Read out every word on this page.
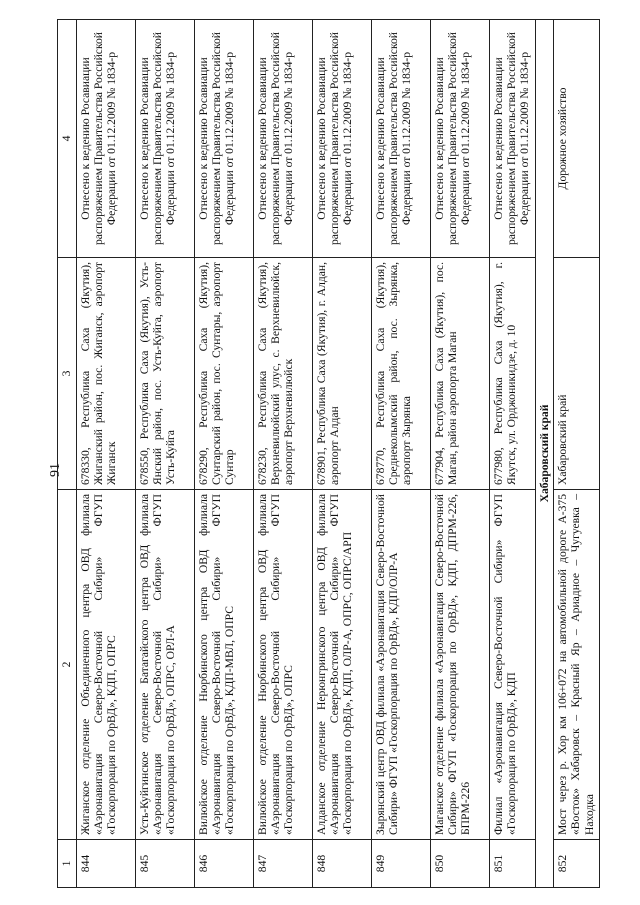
91
1	2	3	4
844	Жиганское отделение Объединенного центра ОВД филиала «Аэронавигация Северо-Восточной Сибири» ФГУП «Госкорпорация по ОрВД», КДП, ОПРС	678330, Республика Саха (Якутия), Жиганский район, пос. Жиганск, аэропорт Жиганск	Отнесено к ведению Росавиации распоряжением Правительства Российской Федерации от 01.12.2009 № 1834-р
845	Усть-Куйгинское отделение Батагайского центра ОВД филиала «Аэронавигация Северо-Восточной Сибири» ФГУП «Госкорпорация по ОрВД», ОПРС, ОРЛ-А	678550, Республика Саха (Якутия), Усть-Янский район, пос. Усть-Куйга, аэропорт Усть-Куйга	Отнесено к ведению Росавиации распоряжением Правительства Российской Федерации от 01.12.2009 № 1834-р
846	Вилюйское отделение Нюрбинского центра ОВД филиала «Аэронавигация Северо-Восточной Сибири» ФГУП «Госкорпорация по ОрВД», КДП-МВЛ, ОПРС	678290, Республика Саха (Якутия), Сунтарский район, пос. Сунтары, аэропорт Сунтар	Отнесено к ведению Росавиации распоряжением Правительства Российской Федерации от 01.12.2009 № 1834-р
847	Вилюйское отделение Нюрбинского центра ОВД филиала «Аэронавигация Северо-Восточной Сибири» ФГУП «Госкорпорация по ОрВД», ОПРС	678230, Республика Саха (Якутия), Верхневилюйский улус, с. Верхневилюйск, аэропорт Верхневилюйск	Отнесено к ведению Росавиации распоряжением Правительства Российской Федерации от 01.12.2009 № 1834-р
848	Алданское отделение Нерюнгринского центра ОВД филиала «Аэронавигация Северо-Восточной Сибири» ФГУП «Госкорпорация по ОрВД», КДП, ОЛР-А, ОПРС, ОПРС/АРП	678901, Республика Саха (Якутия), г. Алдан, аэропорт Алдан	Отнесено к ведению Росавиации распоряжением Правительства Российской Федерации от 01.12.2009 № 1834-р
849	Зырянский центр ОВД филиала «Аэронавигация Северо-Восточной Сибири» ФГУП «Госкорпорация по ОрВД», КДП/ОЛР-А	678770, Республика Саха (Якутия), Среднеколымский район, пос. Зырянка, аэропорт Зырянка	Отнесено к ведению Росавиации распоряжением Правительства Российской Федерации от 01.12.2009 № 1834-р
850	Маганское отделение филиала «Аэронавигация Северо-Восточной Сибири» ФГУП «Госкорпорация по ОрВД», КДП, ДПРМ-226, БПРМ-226	677904, Республика Саха (Якутия), пос. Маган, район аэропорта Маган	Отнесено к ведению Росавиации распоряжением Правительства Российской Федерации от 01.12.2009 № 1834-р
851	Филиал «Аэронавигация Северо-Восточной Сибири» ФГУП «Госкорпорация по ОрВД», КДП	677980, Республика Саха (Якутия), г. Якутск, ул. Орджоникидзе, д. 10	Отнесено к ведению Росавиации распоряжением Правительства Российской Федерации от 01.12.2009 № 1834-р
Хабаровский край			
852	Мост через р. Хор км 106+072 на автомобильной дороге А-375 «Восток» Хабаровск – Красный Яр – Ариадное – Чугуевка – Находка	Хабаровский край	Дорожное хозяйство
